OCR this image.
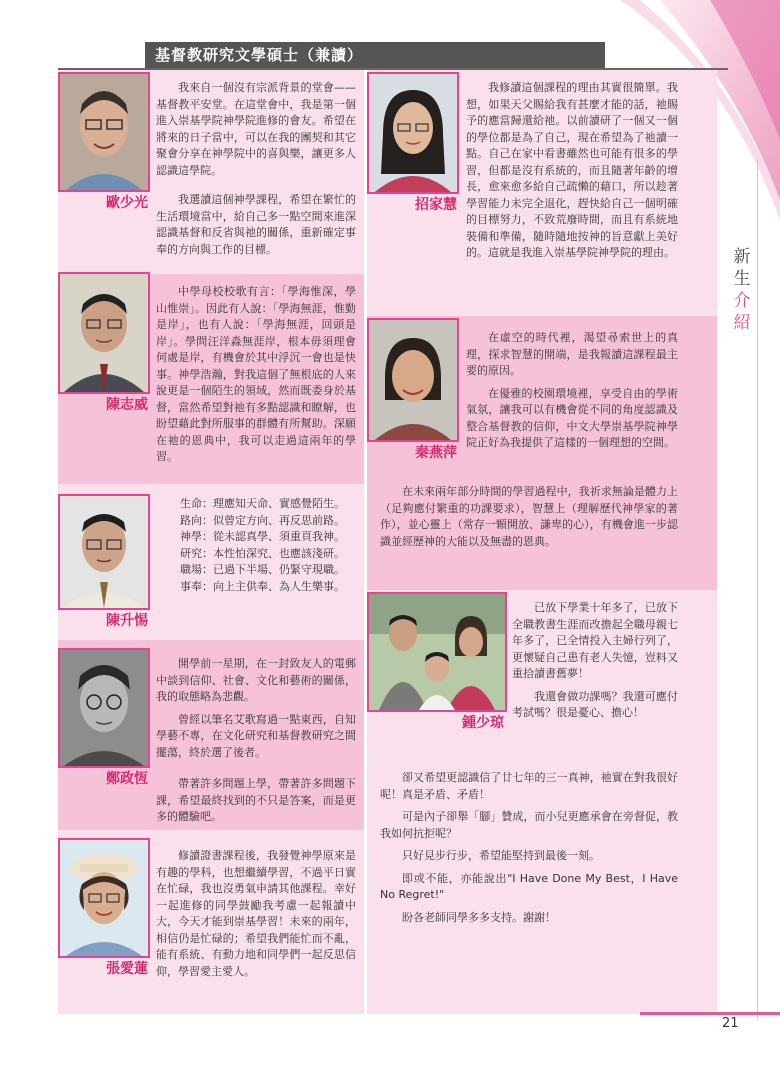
新
生
介
紹
基督教研究文學碩士（兼讀）
歐少光

我來自一個沒有宗派背景的堂會——基督教平安堂。在這堂會中，我是第一個進入崇基學院神學院進修的會友。希望在將來的日子當中，可以在我的團契和其它聚會分享在神學院中的喜與樂，讓更多人認識這學院。

我選讀這個神學課程，希望在繁忙的生活環境當中，給自己多一點空間來進深認識基督和反省與祂的關係，重新確定事奉的方向與工作的目標。

陳志威

中學母校校歌有言：「學海惟深，學山惟崇」。因此有人說：「學海無涯，惟勤是岸」，也有人說：「學海無涯，回頭是岸」。學問汪洋淼無涯岸，根本毋須理會何處是岸，有機會於其中浮沉一會也是快事。神學浩瀚，對我這個了無根底的人來說更是一個陌生的領域，然而既委身於基督，當然希望對祂有多點認識和瞭解，也盼望藉此對所服事的群體有所幫助。深願在祂的恩典中，我可以走過這兩年的學習。

陳升惕

生命：理應知天命、實感覺陌生。

路向：似曾定方向、再反思前路。

神學：從未認真學、須重頁我神。

研究：本性怕深究、也應該淺研。

職場：已過下半場、仍緊守現職。

事奉：向上主供奉、為人生樂事。

鄭政恆

開學前一星期，在一封致友人的電郵中談到信仰、社會、文化和藝術的關係，我的取態略為悲觀。

曾經以筆名艾歌寫過一點東西，自知學藝不專，在文化研究和基督教研究之間擺蕩，終於選了後者。

帶著許多問題上學，帶著許多問題下課，希望最終找到的不只是答案，而是更多的體驗吧。

張愛蓮

修讀證書課程後，我發覺神學原來是有趣的學科，也想繼續學習，不過平日實在忙碌，我也沒勇氣申請其他課程。幸好一起進修的同學鼓勵我考慮一起報讀中大，今天才能到崇基學習！未來的兩年，相信仍是忙碌的；希望我們能忙而不亂，能有系統、有動力地和同學們一起反思信仰，學習愛主愛人。

招家慧

我修讀這個課程的理由其實很簡單。我想，如果天父賜給我有甚麼才能的話，祂賜予的應當歸還給祂。以前讀研了一個又一個的學位都是為了自己，現在希望為了祂讀一點。自己在家中看書雖然也可能有很多的學習，但都是沒有系統的，而且隨著年齡的增長，愈來愈多給自己疏懶的藉口，所以趁著學習能力未完全退化，趕快給自己一個明確的目標努力，不致荒廢時間，而且有系統地裝備和準備，隨時隨地按神的旨意獻上美好的。這就是我進入崇基學院神學院的理由。

秦燕萍

在虛空的時代裡，渴望尋索世上的真理，探求智慧的開端，是我報讀這課程最主要的原因。

在優雅的校園環境裡，享受自由的學術氣氛，讓我可以有機會從不同的角度認識及整合基督教的信仰，中文大學崇基學院神學院正好為我提供了這樣的一個理想的空間。

在未來兩年部分時間的學習過程中，我祈求無論是體力上（足夠應付繁重的功課要求），智慧上（理解歷代神學家的著作），並心靈上（常存一顆開放、謙卑的心），有機會進一步認識並經歷神的大能以及無盡的恩典。

鍾少琼

已放下學業十年多了，已放下全職教書生涯而改擔起全職母親七年多了，已全情投入主婦行列了，更懷疑自己患有老人失憶，豈料又重拾讀書舊夢！

我還會做功課嗎？我還可應付考試嗎？很是憂心、擔心！

卻又希望更認識信了廿七年的三一真神，祂實在對我很好呢！真是矛盾、矛盾！

可是內子卻舉「腳」贊成，而小兒更應承會在旁督促，教我如何抗拒呢？

只好見步行步，希望能堅持到最後一刻。

即或不能，亦能說出"I Have Done My Best，I Have No Regret!"

盼各老師同學多多支持。謝謝！

21
